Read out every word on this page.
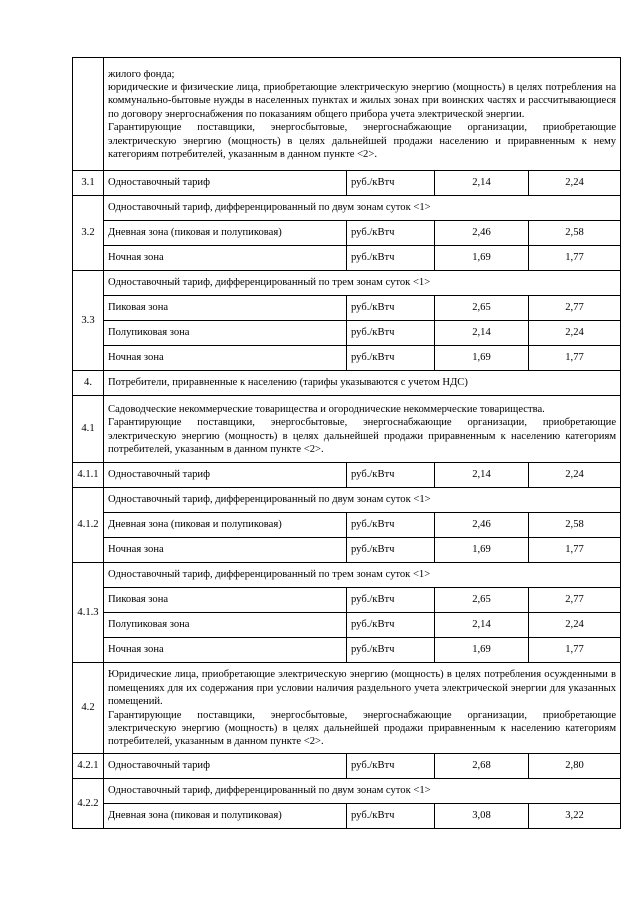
	жилого фонда;
юридические и физические лица, приобретающие электрическую энергию (мощность) в целях потребления на коммунально-бытовые нужды в населенных пунктах и жилых зонах при воинских частях и рассчитывающиеся по договору энергоснабжения по показаниям общего прибора учета электрической энергии.
Гарантирующие поставщики, энергосбытовые, энергоснабжающие организации, приобретающие электрическую энергию (мощность) в целях дальнейшей продажи населению и приравненным к нему категориям потребителей, указанным в данном пункте <2>.			

3.1	Одноставочный тариф	руб./кВтч	2,14	2,24
3.2	Одноставочный тариф, дифференцированный по двум зонам суток <1>			
	Дневная зона (пиковая и полупиковая)	руб./кВтч	2,46	2,58
	Ночная зона	руб./кВтч	1,69	1,77
3.3	Одноставочный тариф, дифференцированный по трем зонам суток <1>			
	Пиковая зона	руб./кВтч	2,65	2,77
	Полупиковая зона	руб./кВтч	2,14	2,24
	Ночная зона	руб./кВтч	1,69	1,77
4.	Потребители, приравненные к населению (тарифы указываются с учетом НДС)			
4.1	Садоводческие некоммерческие товарищества и огороднические некоммерческие товарищества.
Гарантирующие поставщики, энергосбытовые, энергоснабжающие организации, приобретающие электрическую энергию (мощность) в целях дальнейшей продажи приравненным к населению категориям потребителей, указанным в данном пункте <2>.			

4.1.1	Одноставочный тариф	руб./кВтч	2,14	2,24
4.1.2	Одноставочный тариф, дифференцированный по двум зонам суток <1>			
	Дневная зона (пиковая и полупиковая)	руб./кВтч	2,46	2,58
	Ночная зона	руб./кВтч	1,69	1,77
4.1.3	Одноставочный тариф, дифференцированный по трем зонам суток <1>			
	Пиковая зона	руб./кВтч	2,65	2,77
	Полупиковая зона	руб./кВтч	2,14	2,24
	Ночная зона	руб./кВтч	1,69	1,77
4.2	Юридические лица, приобретающие электрическую энергию (мощность) в целях потребления осужденными в помещениях для их содержания при условии наличия раздельного учета электрической энергии для указанных помещений.
Гарантирующие поставщики, энергосбытовые, энергоснабжающие организации, приобретающие электрическую энергию (мощность) в целях дальнейшей продажи приравненным к населению категориям потребителей, указанным в данном пункте <2>.			

4.2.1	Одноставочный тариф	руб./кВтч	2,68	2,80
4.2.2	Одноставочный тариф, дифференцированный по двум зонам суток <1>			
	Дневная зона (пиковая и полупиковая)	руб./кВтч	3,08	3,22
